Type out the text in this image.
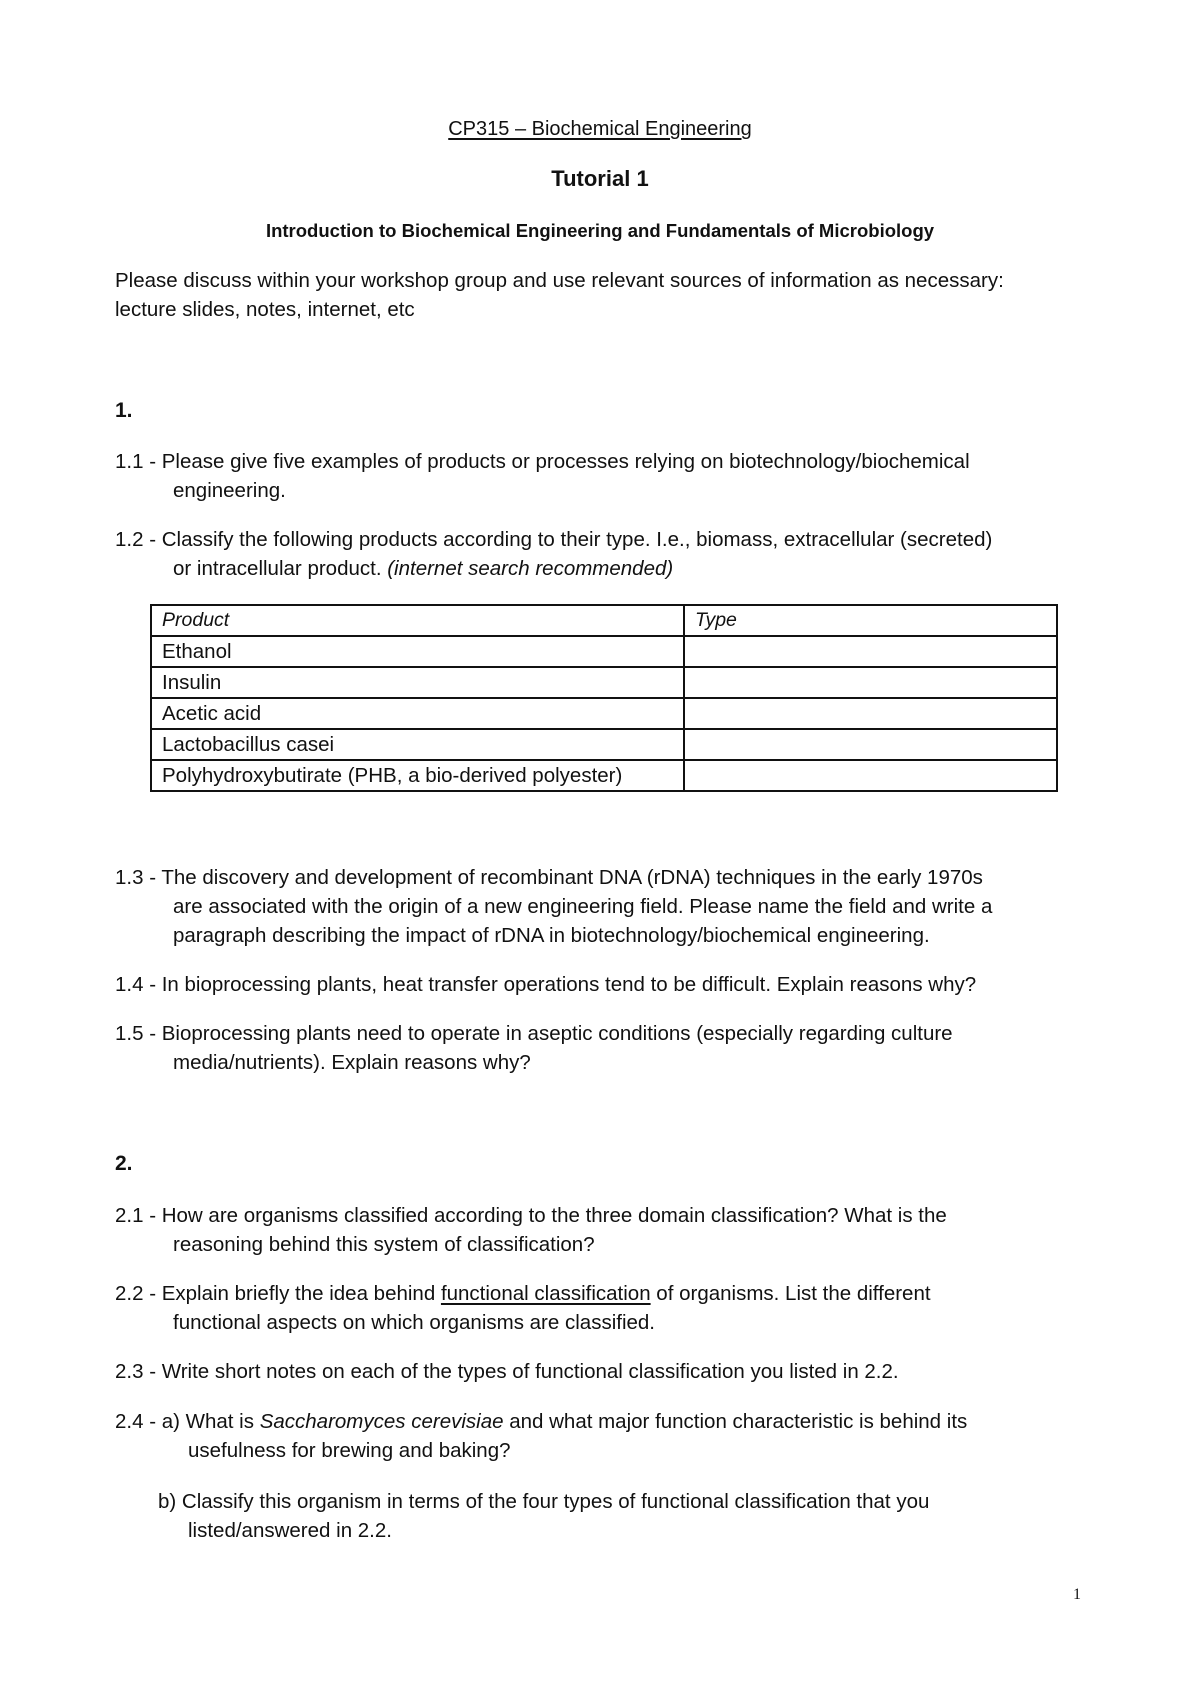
CP315 – Biochemical Engineering
Tutorial 1
Introduction to Biochemical Engineering and Fundamentals of Microbiology
Please discuss within your workshop group and use relevant sources of information as necessary:
lecture slides, notes, internet, etc
1.
1.1 - Please give five examples of products or processes relying on biotechnology/biochemical
engineering.
1.2 - Classify the following products according to their type. I.e., biomass, extracellular (secreted)
or intracellular product. (internet search recommended)
Product	Type
Ethanol	
Insulin	
Acetic acid	
Lactobacillus casei	
Polyhydroxybutirate (PHB, a bio-derived polyester)	
1.3 - The discovery and development of recombinant DNA (rDNA) techniques in the early 1970s
are associated with the origin of a new engineering field. Please name the field and write a
paragraph describing the impact of rDNA in biotechnology/biochemical engineering.
1.4 - In bioprocessing plants, heat transfer operations tend to be difficult. Explain reasons why?
1.5 - Bioprocessing plants need to operate in aseptic conditions (especially regarding culture
media/nutrients). Explain reasons why?
2.
2.1 - How are organisms classified according to the three domain classification? What is the
reasoning behind this system of classification?
2.2 - Explain briefly the idea behind functional classification of organisms. List the different
functional aspects on which organisms are classified.
2.3 - Write short notes on each of the types of functional classification you listed in 2.2.
2.4 - a) What is Saccharomyces cerevisiae and what major function characteristic is behind its
usefulness for brewing and baking?
b) Classify this organism in terms of the four types of functional classification that you
listed/answered in 2.2.
1
